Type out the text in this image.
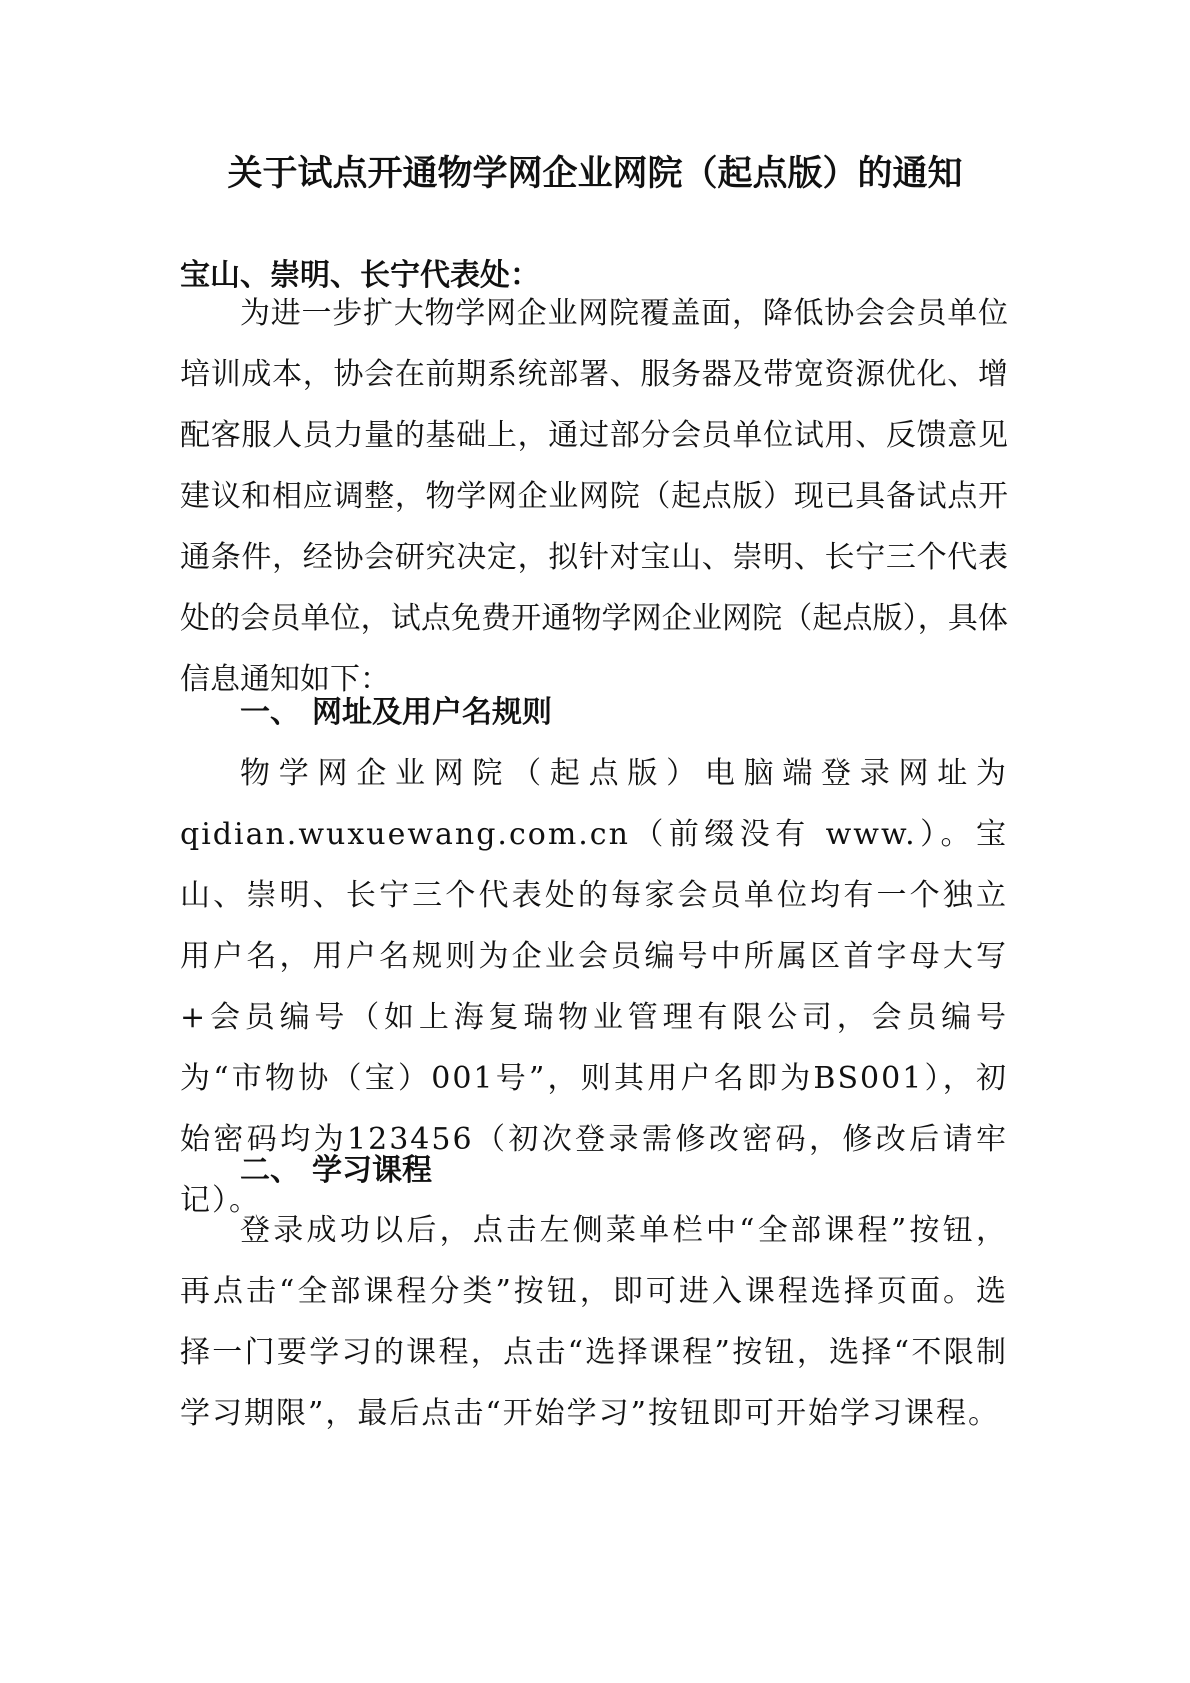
关于试点开通物学网企业网院（起点版）的通知
宝山、崇明、长宁代表处：

为进一步扩大物学网企业网院覆盖面，降低协会会员单位培训成本，协会在前期系统部署、服务器及带宽资源优化、增配客服人员力量的基础上，通过部分会员单位试用、反馈意见建议和相应调整，物学网企业网院（起点版）现已具备试点开通条件，经协会研究决定，拟针对宝山、崇明、长宁三个代表处的会员单位，试点免费开通物学网企业网院（起点版），具体信息通知如下：

一、 网址及用户名规则

物学网企业网院（起点版）电脑端登录网址为qidian.wuxuewang.com.cn（前缀没有 www.）。宝山、崇明、长宁三个代表处的每家会员单位均有一个独立用户名，用户名规则为企业会员编号中所属区首字母大写+会员编号（如上海复瑞物业管理有限公司，会员编号为“市物协（宝）001号”，则其用户名即为BS001），初始密码均为123456（初次登录需修改密码，修改后请牢记）。

二、 学习课程

登录成功以后，点击左侧菜单栏中“全部课程”按钮，再点击“全部课程分类”按钮，即可进入课程选择页面。选择一门要学习的课程，点击“选择课程”按钮，选择“不限制学习期限”，最后点击“开始学习”按钮即可开始学习课程。
